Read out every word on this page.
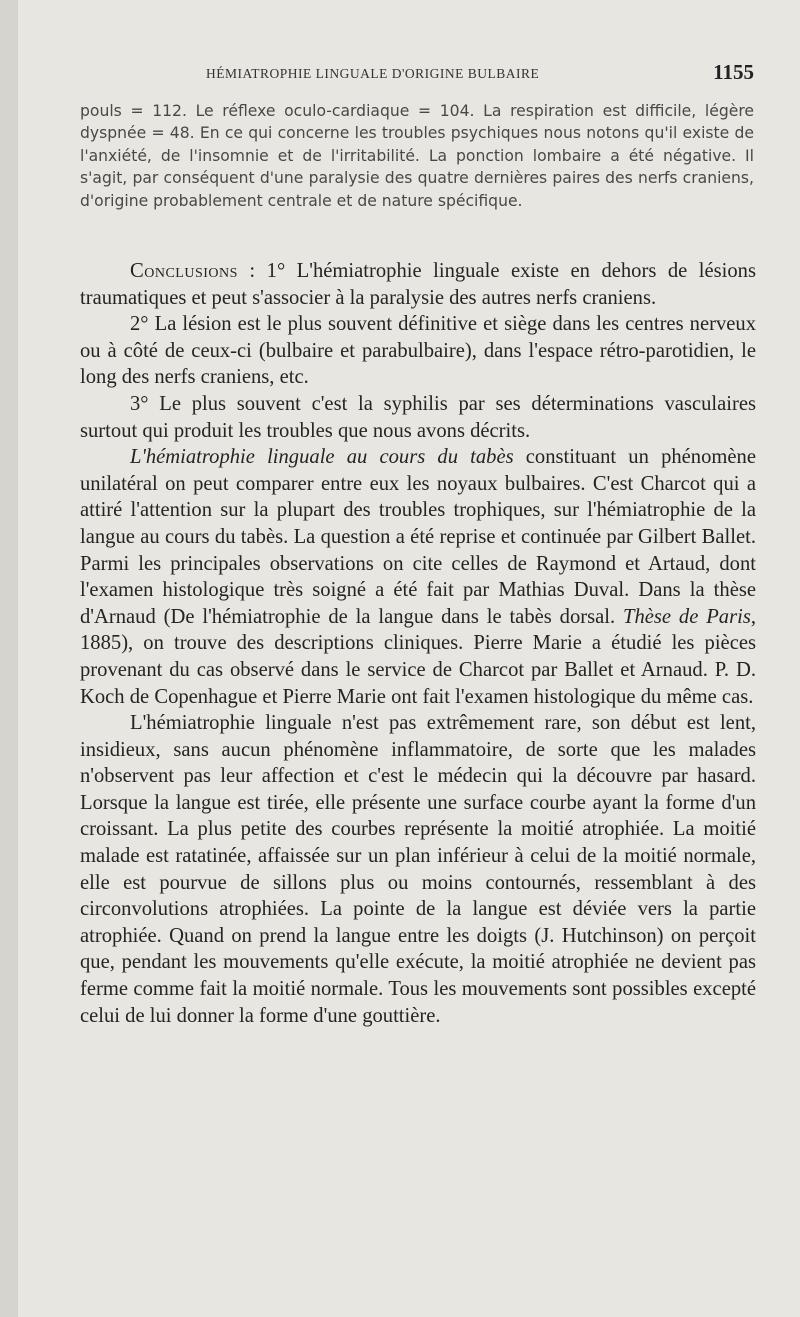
HÉMIATROPHIE LINGUALE D'ORIGINE BULBAIRE	1155
pouls = 112. Le réflexe oculo-cardiaque = 104. La respiration est difficile, légère dyspnée = 48. En ce qui concerne les troubles psychiques nous notons qu'il existe de l'anxiété, de l'insomnie et de l'irritabilité. La ponction lombaire a été négative. Il s'agit, par conséquent d'une paralysie des quatre dernières paires des nerfs craniens, d'origine probablement centrale et de nature spécifique.

Conclusions : 1° L'hémiatrophie linguale existe en dehors de lésions traumatiques et peut s'associer à la paralysie des autres nerfs craniens.

2° La lésion est le plus souvent définitive et siège dans les centres nerveux ou à côté de ceux-ci (bulbaire et parabulbaire), dans l'espace rétro-parotidien, le long des nerfs craniens, etc.

3° Le plus souvent c'est la syphilis par ses déterminations vasculaires surtout qui produit les troubles que nous avons décrits.

L'hémiatrophie linguale au cours du tabès constituant un phénomène unilatéral on peut comparer entre eux les noyaux bulbaires. C'est Charcot qui a attiré l'attention sur la plupart des troubles trophiques, sur l'hémiatrophie de la langue au cours du tabès. La question a été reprise et continuée par Gilbert Ballet. Parmi les principales observations on cite celles de Raymond et Artaud, dont l'examen histologique très soigné a été fait par Mathias Duval. Dans la thèse d'Arnaud (De l'hémiatrophie de la langue dans le tabès dorsal. Thèse de Paris, 1885), on trouve des descriptions cliniques. Pierre Marie a étudié les pièces provenant du cas observé dans le service de Charcot par Ballet et Arnaud. P. D. Koch de Copenhague et Pierre Marie ont fait l'examen histologique du même cas.

L'hémiatrophie linguale n'est pas extrêmement rare, son début est lent, insidieux, sans aucun phénomène inflammatoire, de sorte que les malades n'observent pas leur affection et c'est le médecin qui la découvre par hasard. Lorsque la langue est tirée, elle présente une surface courbe ayant la forme d'un croissant. La plus petite des courbes représente la moitié atrophiée. La moitié malade est ratatinée, affaissée sur un plan inférieur à celui de la moitié normale, elle est pourvue de sillons plus ou moins contournés, ressemblant à des circonvolutions atrophiées. La pointe de la langue est déviée vers la partie atrophiée. Quand on prend la langue entre les doigts (J. Hutchinson) on perçoit que, pendant les mouvements qu'elle exécute, la moitié atrophiée ne devient pas ferme comme fait la moitié normale. Tous les mouvements sont possibles excepté celui de lui donner la forme d'une gouttière.
